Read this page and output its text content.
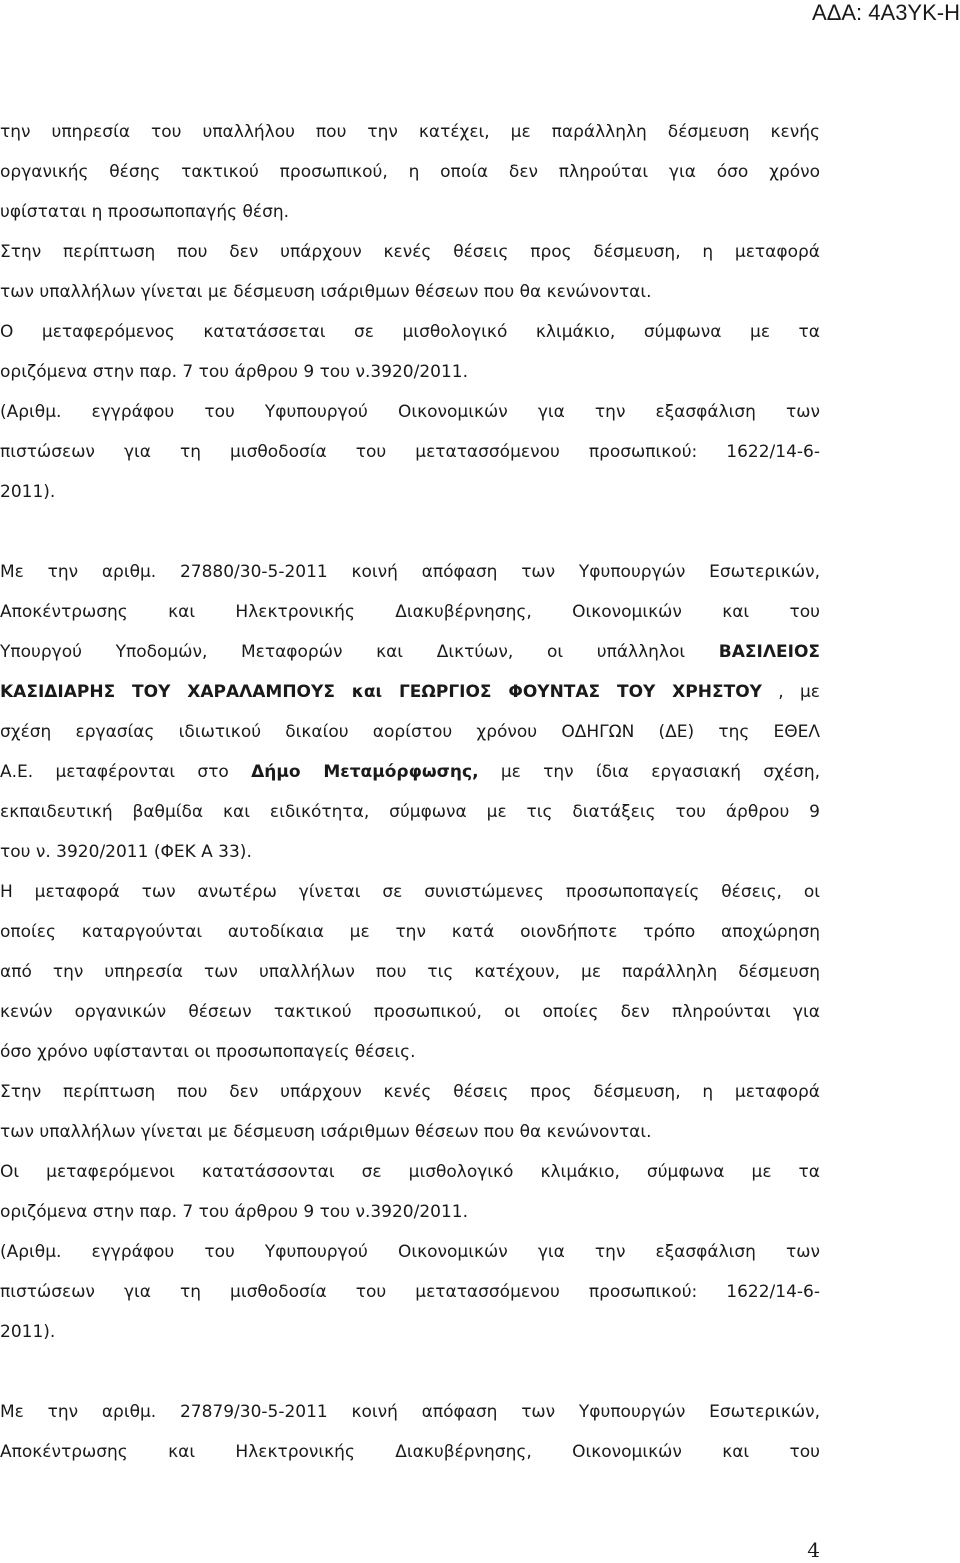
ΑΔΑ: 4Α3ΥΚ-Η
την υπηρεσία του υπαλλήλου που την κατέχει, με παράλληλη δέσμευση κενής
οργανικής θέσης τακτικού προσωπικού, η οποία δεν πληρούται για όσο χρόνο
υφίσταται η προσωποπαγής θέση.
Στην περίπτωση που δεν υπάρχουν κενές θέσεις προς δέσμευση, η μεταφορά
των υπαλλήλων γίνεται με δέσμευση ισάριθμων θέσεων που θα κενώνονται.
Ο μεταφερόμενος κατατάσσεται σε μισθολογικό κλιμάκιο, σύμφωνα με τα
οριζόμενα στην παρ. 7 του άρθρου 9 του ν.3920/2011.
(Αριθμ. εγγράφου του Υφυπουργού Οικονομικών για την εξασφάλιση των
πιστώσεων για τη μισθοδοσία του μετατασσόμενου προσωπικού: 1622/14-6-
2011).
Με την αριθμ. 27880/30-5-2011 κοινή απόφαση των Υφυπουργών Εσωτερικών,
Αποκέντρωσης και Ηλεκτρονικής Διακυβέρνησης, Οικονομικών και του
Υπουργού Υποδομών, Μεταφορών και Δικτύων, οι υπάλληλοι ΒΑΣΙΛΕΙΟΣ
ΚΑΣΙΔΙΑΡΗΣ ΤΟΥ ΧΑΡΑΛΑΜΠΟΥΣ και ΓΕΩΡΓΙΟΣ ΦΟΥΝΤΑΣ ΤΟΥ ΧΡΗΣΤΟΥ , με
σχέση εργασίας ιδιωτικού δικαίου αορίστου χρόνου ΟΔΗΓΩΝ (ΔΕ) της ΕΘΕΛ
Α.Ε. μεταφέρονται στο Δήμο Μεταμόρφωσης, με την ίδια εργασιακή σχέση,
εκπαιδευτική βαθμίδα και ειδικότητα, σύμφωνα με τις διατάξεις του άρθρου 9
του ν. 3920/2011 (ΦΕΚ Α 33).
Η μεταφορά των ανωτέρω γίνεται σε συνιστώμενες προσωποπαγείς θέσεις, οι
οποίες καταργούνται αυτοδίκαια με την κατά οιονδήποτε τρόπο αποχώρηση
από την υπηρεσία των υπαλλήλων που τις κατέχουν, με παράλληλη δέσμευση
κενών οργανικών θέσεων τακτικού προσωπικού, οι οποίες δεν πληρούνται για
όσο χρόνο υφίστανται οι προσωποπαγείς θέσεις.
Στην περίπτωση που δεν υπάρχουν κενές θέσεις προς δέσμευση, η μεταφορά
των υπαλλήλων γίνεται με δέσμευση ισάριθμων θέσεων που θα κενώνονται.
Οι μεταφερόμενοι κατατάσσονται σε μισθολογικό κλιμάκιο, σύμφωνα με τα
οριζόμενα στην παρ. 7 του άρθρου 9 του ν.3920/2011.
(Αριθμ. εγγράφου του Υφυπουργού Οικονομικών για την εξασφάλιση των
πιστώσεων για τη μισθοδοσία του μετατασσόμενου προσωπικού: 1622/14-6-
2011).
Με την αριθμ. 27879/30-5-2011 κοινή απόφαση των Υφυπουργών Εσωτερικών,
Αποκέντρωσης και Ηλεκτρονικής Διακυβέρνησης, Οικονομικών και του
4
